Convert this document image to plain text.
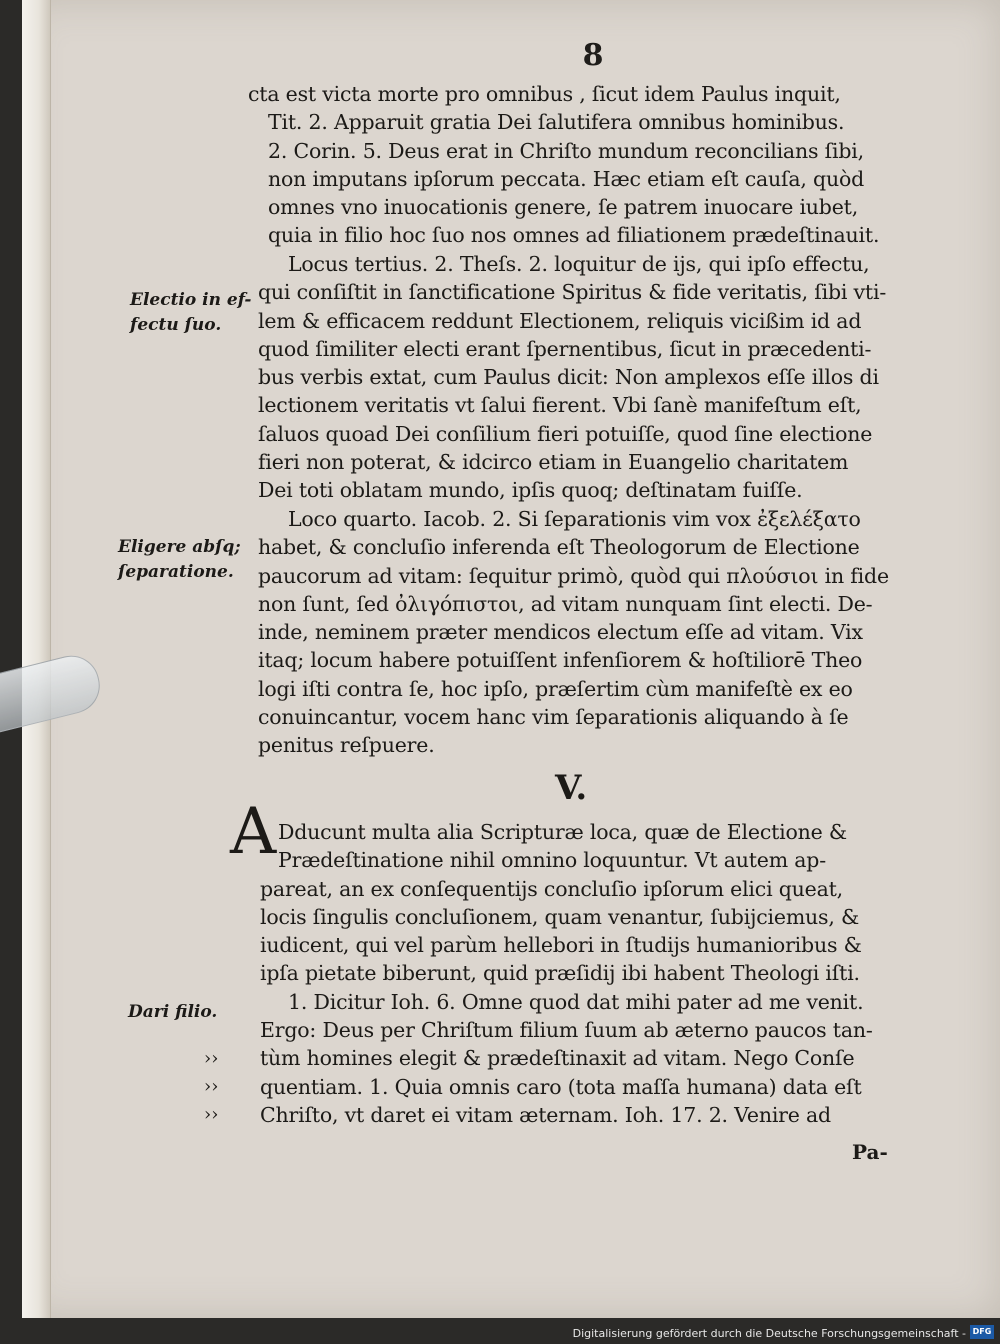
8
cta est victa morte pro omnibus , ſicut idem Paulus inquit,
Tit. 2. Apparuit gratia Dei ſalutifera omnibus hominibus.
2. Corin. 5. Deus erat in Chriſto mundum reconcilians ſibi,
non imputans ipſorum peccata. Hæc etiam eſt cauſa, quòd
omnes vno inuocationis genere, ſe patrem inuocare iubet,
quia in filio hoc ſuo nos omnes ad filiationem prædeſtinauit.
Locus tertius. 2. Theſs. 2. loquitur de ijs, qui ipſo effectu,
qui conſiſtit in ſanctificatione Spiritus & fide veritatis, ſibi vti-
lem & efficacem reddunt Electionem, reliquis vicißim id ad
quod ſimiliter electi erant ſpernentibus, ſicut in præcedenti-
bus verbis extat, cum Paulus dicit: Non amplexos eſſe illos di
lectionem veritatis vt ſalui fierent. Vbi ſanè manifeſtum eſt,
ſaluos quoad Dei conſilium fieri potuiſſe, quod ſine electione
fieri non poterat, & idcirco etiam in Euangelio charitatem
Dei toti oblatam mundo, ipſis quoq; deſtinatam fuiſſe.
Electio in ef-
fectu ſuo.
Loco quarto. Iacob. 2. Si ſeparationis vim vox ἐξελέξατο
habet, & concluſio inferenda eſt Theologorum de Electione
paucorum ad vitam: ſequitur primò, quòd qui πλούσιοι in fide
non ſunt, ſed ὀλιγόπιστοι, ad vitam nunquam ſint electi. De-
inde, neminem præter mendicos electum eſſe ad vitam. Vix
itaq; locum habere potuiſſent infenſiorem & hoſtiliorē Theo
logi iſti contra ſe, hoc ipſo, præſertim cùm manifeſtè ex eo
conuincantur, vocem hanc vim ſeparationis aliquando à ſe
penitus reſpuere.
Eligere abſq;
ſeparatione.
V.
A Dducunt multa alia Scripturæ loca, quæ de Electione &
Prædeſtinatione nihil omnino loquuntur. Vt autem ap-
pareat, an ex conſequentijs concluſio ipſorum elici queat,
locis ſingulis concluſionem, quam venantur, ſubijciemus, &
iudicent, qui vel parùm hellebori in ſtudijs humanioribus &
ipſa pietate biberunt, quid præſidij ibi habent Theologi iſti.
1. Dicitur Ioh. 6. Omne quod dat mihi pater ad me venit.
Ergo: Deus per Chriſtum filium ſuum ab æterno paucos tan-
tùm homines elegit & prædeſtinaxit ad vitam. Nego Conſe
quentiam. 1. Quia omnis caro (tota maſſa humana) data eſt
Chriſto, vt daret ei vitam æternam. Ioh. 17. 2. Venire ad
Dari filio.
››
››
››
Pa-
Digitalisierung gefördert durch die Deutsche Forschungsgemeinschaft - DFG
